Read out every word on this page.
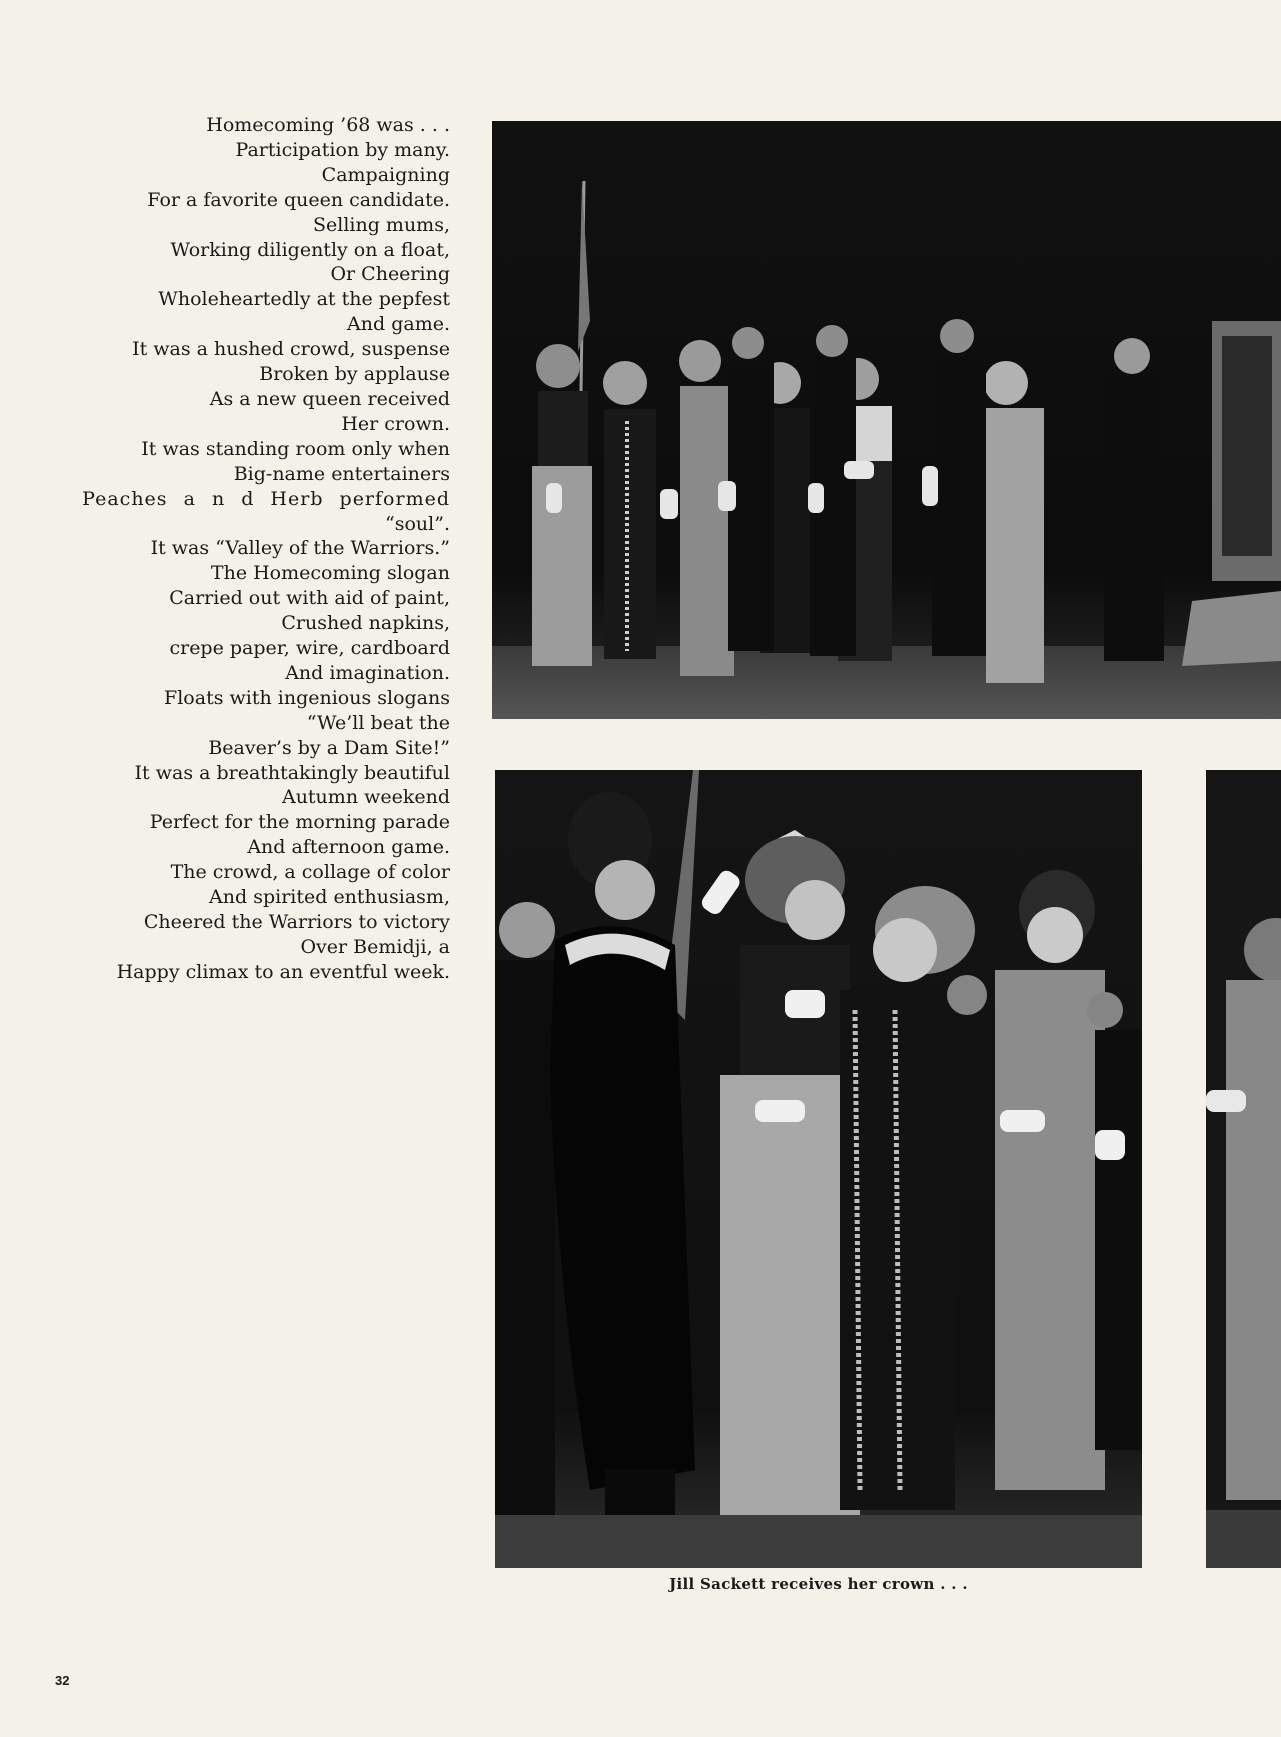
Homecoming ’68 was . . .
Participation by many.
Campaigning
For a favorite queen candidate.
Selling mums,
Working diligently on a float,
Or Cheering
Wholeheartedly at the pepfest
And game.
It was a hushed crowd, suspense
Broken by applause
As a new queen received
Her crown.
It was standing room only when
Big-name entertainers
Peaches a n d Herb performed
“soul”.
It was “Valley of the Warriors.”
The Homecoming slogan
Carried out with aid of paint,
Crushed napkins,
crepe paper, wire, cardboard
And imagination.
Floats with ingenious slogans
“We’ll beat the
Beaver’s by a Dam Site!”
It was a breathtakingly beautiful
Autumn weekend
Perfect for the morning parade
And afternoon game.
The crowd, a collage of color
And spirited enthusiasm,
Cheered the Warriors to victory
Over Bemidji, a
Happy climax to an eventful week.
Jill Sackett receives her crown . . .
32
